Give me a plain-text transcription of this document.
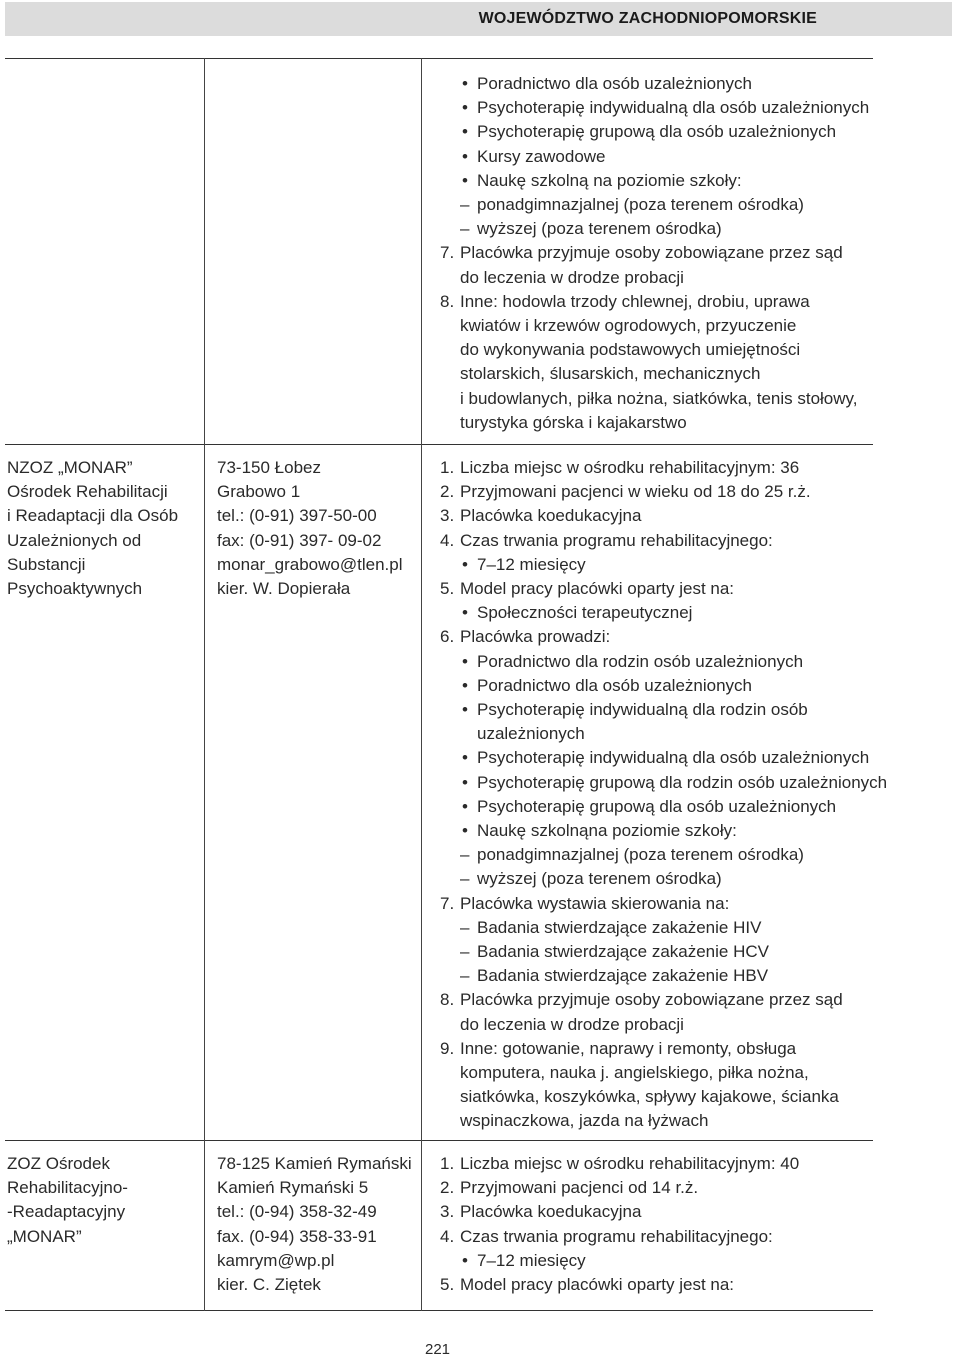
WOJEWÓDZTWO ZACHODNIOPOMORSKIE
• Poradnictwo dla osób uzależnionych
• Psychoterapię indywidualną dla osób uzależnionych
• Psychoterapię grupową dla osób uzależnionych
• Kursy zawodowe
• Naukę szkolną na poziomie szkoły:
– ponadgimnazjalnej (poza terenem ośrodka)
– wyższej (poza terenem ośrodka)
7. Placówka przyjmuje osoby zobowiązane przez sąd
do leczenia w drodze probacji
8. Inne: hodowla trzody chlewnej, drobiu, uprawa
kwiatów i krzewów ogrodowych, przyuczenie
do wykonywania podstawowych umiejętności
stolarskich, ślusarskich, mechanicznych
i budowlanych, piłka nożna, siatkówka, tenis stołowy,
turystyka górska i kajakarstwo
NZOZ „MONAR”
Ośrodek Rehabilitacji
i Readaptacji dla Osób
Uzależnionych od
Substancji
Psychoaktywnych
73-150 Łobez
Grabowo 1
tel.: (0-91) 397-50-00
fax: (0-91) 397- 09-02
monar_grabowo@tlen.pl
kier. W. Dopierała
1. Liczba miejsc w ośrodku rehabilitacyjnym: 36
2. Przyjmowani pacjenci w wieku od 18 do 25 r.ż.
3. Placówka koedukacyjna
4. Czas trwania programu rehabilitacyjnego:
• 7–12 miesięcy
5. Model pracy placówki oparty jest na:
• Społeczności terapeutycznej
6. Placówka prowadzi:
• Poradnictwo dla rodzin osób uzależnionych
• Poradnictwo dla osób uzależnionych
• Psychoterapię indywidualną dla rodzin osób
uzależnionych
• Psychoterapię indywidualną dla osób uzależnionych
• Psychoterapię grupową dla rodzin osób uzależnionych
• Psychoterapię grupową dla osób uzależnionych
• Naukę szkolnąna poziomie szkoły:
– ponadgimnazjalnej (poza terenem ośrodka)
– wyższej (poza terenem ośrodka)
7. Placówka wystawia skierowania na:
– Badania stwierdzające zakażenie HIV
– Badania stwierdzające zakażenie HCV
– Badania stwierdzające zakażenie HBV
8. Placówka przyjmuje osoby zobowiązane przez sąd
do leczenia w drodze probacji
9. Inne: gotowanie, naprawy i remonty, obsługa
komputera, nauka j. angielskiego, piłka nożna,
siatkówka, koszykówka, spływy kajakowe, ścianka
wspinaczkowa, jazda na łyżwach
ZOZ Ośrodek
Rehabilitacyjno-
-Readaptacyjny
„MONAR”
78-125 Kamień Rymański
Kamień Rymański 5
tel.: (0-94) 358-32-49
fax. (0-94) 358-33-91
kamrym@wp.pl
kier. C. Ziętek
1. Liczba miejsc w ośrodku rehabilitacyjnym: 40
2. Przyjmowani pacjenci od 14 r.ż.
3. Placówka koedukacyjna
4. Czas trwania programu rehabilitacyjnego:
• 7–12 miesięcy
5. Model pracy placówki oparty jest na:
221
